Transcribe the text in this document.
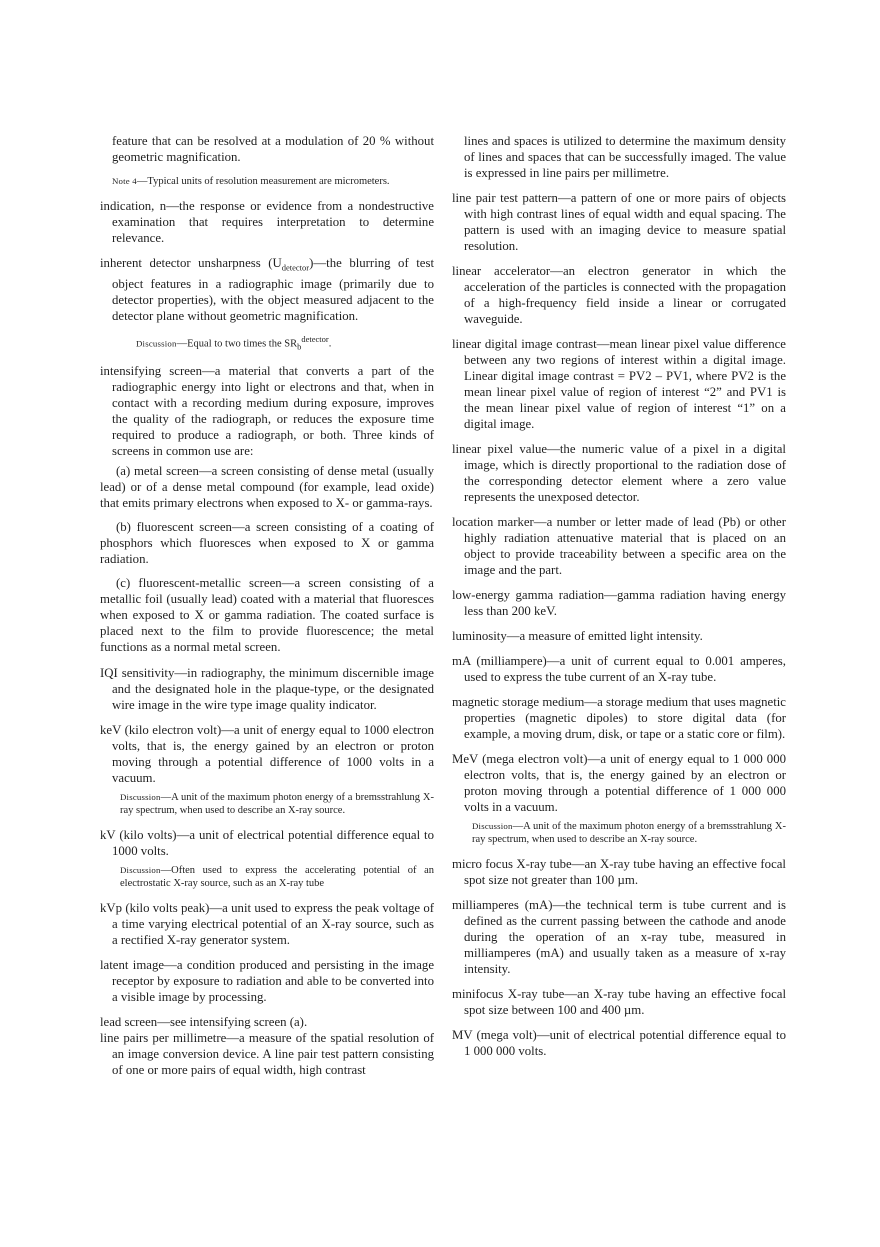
feature that can be resolved at a modulation of 20 % without geometric magnification.

Note 4—Typical units of resolution measurement are micrometers.

indication, n—the response or evidence from a nondestructive examination that requires interpretation to determine relevance.

inherent detector unsharpness $(U_{detector})—the$ blurring of test object features in a radiographic image (primarily due to detector properties), with the object measured adjacent to the detector plane without geometric magnification.

Discussion—Equal to two times the $SR_b^{detector}$.

intensifying screen—a material that converts a part of the radiographic energy into light or electrons and that, when in contact with a recording medium during exposure, improves the quality of the radiograph, or reduces the exposure time required to produce a radiograph, or both. Three kinds of screens in common use are:

(a) metal screen—a screen consisting of dense metal (usually lead) or of a dense metal compound (for example, lead oxide) that emits primary electrons when exposed to X- or gamma-rays.

(b) fluorescent screen—a screen consisting of a coating of phosphors which fluoresces when exposed to X or gamma radiation.

(c) fluorescent-metallic screen—a screen consisting of a metallic foil (usually lead) coated with a material that fluoresces when exposed to X or gamma radiation. The coated surface is placed next to the film to provide fluorescence; the metal functions as a normal metal screen.

IQI sensitivity—in radiography, the minimum discernible image and the designated hole in the plaque-type, or the designated wire image in the wire type image quality indicator.

keV (kilo electron volt)—a unit of energy equal to 1000 electron volts, that is, the energy gained by an electron or proton moving through a potential difference of 1000 volts in a vacuum.

Discussion—A unit of the maximum photon energy of a bremsstrahlung X-ray spectrum, when used to describe an X-ray source.

kV (kilo volts)—a unit of electrical potential difference equal to 1000 volts.

Discussion—Often used to express the accelerating potential of an electrostatic X-ray source, such as an X-ray tube

kVp (kilo volts peak)—a unit used to express the peak voltage of a time varying electrical potential of an X-ray source, such as a rectified X-ray generator system.

latent image—a condition produced and persisting in the image receptor by exposure to radiation and able to be converted into a visible image by processing.

lead screen—see intensifying screen (a).

line pairs per millimetre—a measure of the spatial resolution of an image conversion device. A line pair test pattern consisting of one or more pairs of equal width, high contrast

lines and spaces is utilized to determine the maximum density of lines and spaces that can be successfully imaged. The value is expressed in line pairs per millimetre.

line pair test pattern—a pattern of one or more pairs of objects with high contrast lines of equal width and equal spacing. The pattern is used with an imaging device to measure spatial resolution.

linear accelerator—an electron generator in which the acceleration of the particles is connected with the propagation of a high-frequency field inside a linear or corrugated waveguide.

linear digital image contrast—mean linear pixel value difference between any two regions of interest within a digital image. Linear digital image contrast = PV2 – PV1, where PV2 is the mean linear pixel value of region of interest “2” and PV1 is the mean linear pixel value of region of interest “1” on a digital image.

linear pixel value—the numeric value of a pixel in a digital image, which is directly proportional to the radiation dose of the corresponding detector element where a zero value represents the unexposed detector.

location marker—a number or letter made of lead (Pb) or other highly radiation attenuative material that is placed on an object to provide traceability between a specific area on the image and the part.

low-energy gamma radiation—gamma radiation having energy less than 200 keV.

luminosity—a measure of emitted light intensity.

mA (milliampere)—a unit of current equal to 0.001 amperes, used to express the tube current of an X-ray tube.

magnetic storage medium—a storage medium that uses magnetic properties (magnetic dipoles) to store digital data (for example, a moving drum, disk, or tape or a static core or film).

MeV (mega electron volt)—a unit of energy equal to 1 000 000 electron volts, that is, the energy gained by an electron or proton moving through a potential difference of 1 000 000 volts in a vacuum.

Discussion—A unit of the maximum photon energy of a bremsstrahlung X-ray spectrum, when used to describe an X-ray source.

micro focus X-ray tube—an X-ray tube having an effective focal spot size not greater than 100 µm.

milliamperes (mA)—the technical term is tube current and is defined as the current passing between the cathode and anode during the operation of an x-ray tube, measured in milliamperes (mA) and usually taken as a measure of x-ray intensity.

minifocus X-ray tube—an X-ray tube having an effective focal spot size between 100 and 400 µm.

MV (mega volt)—unit of electrical potential difference equal to 1 000 000 volts.
